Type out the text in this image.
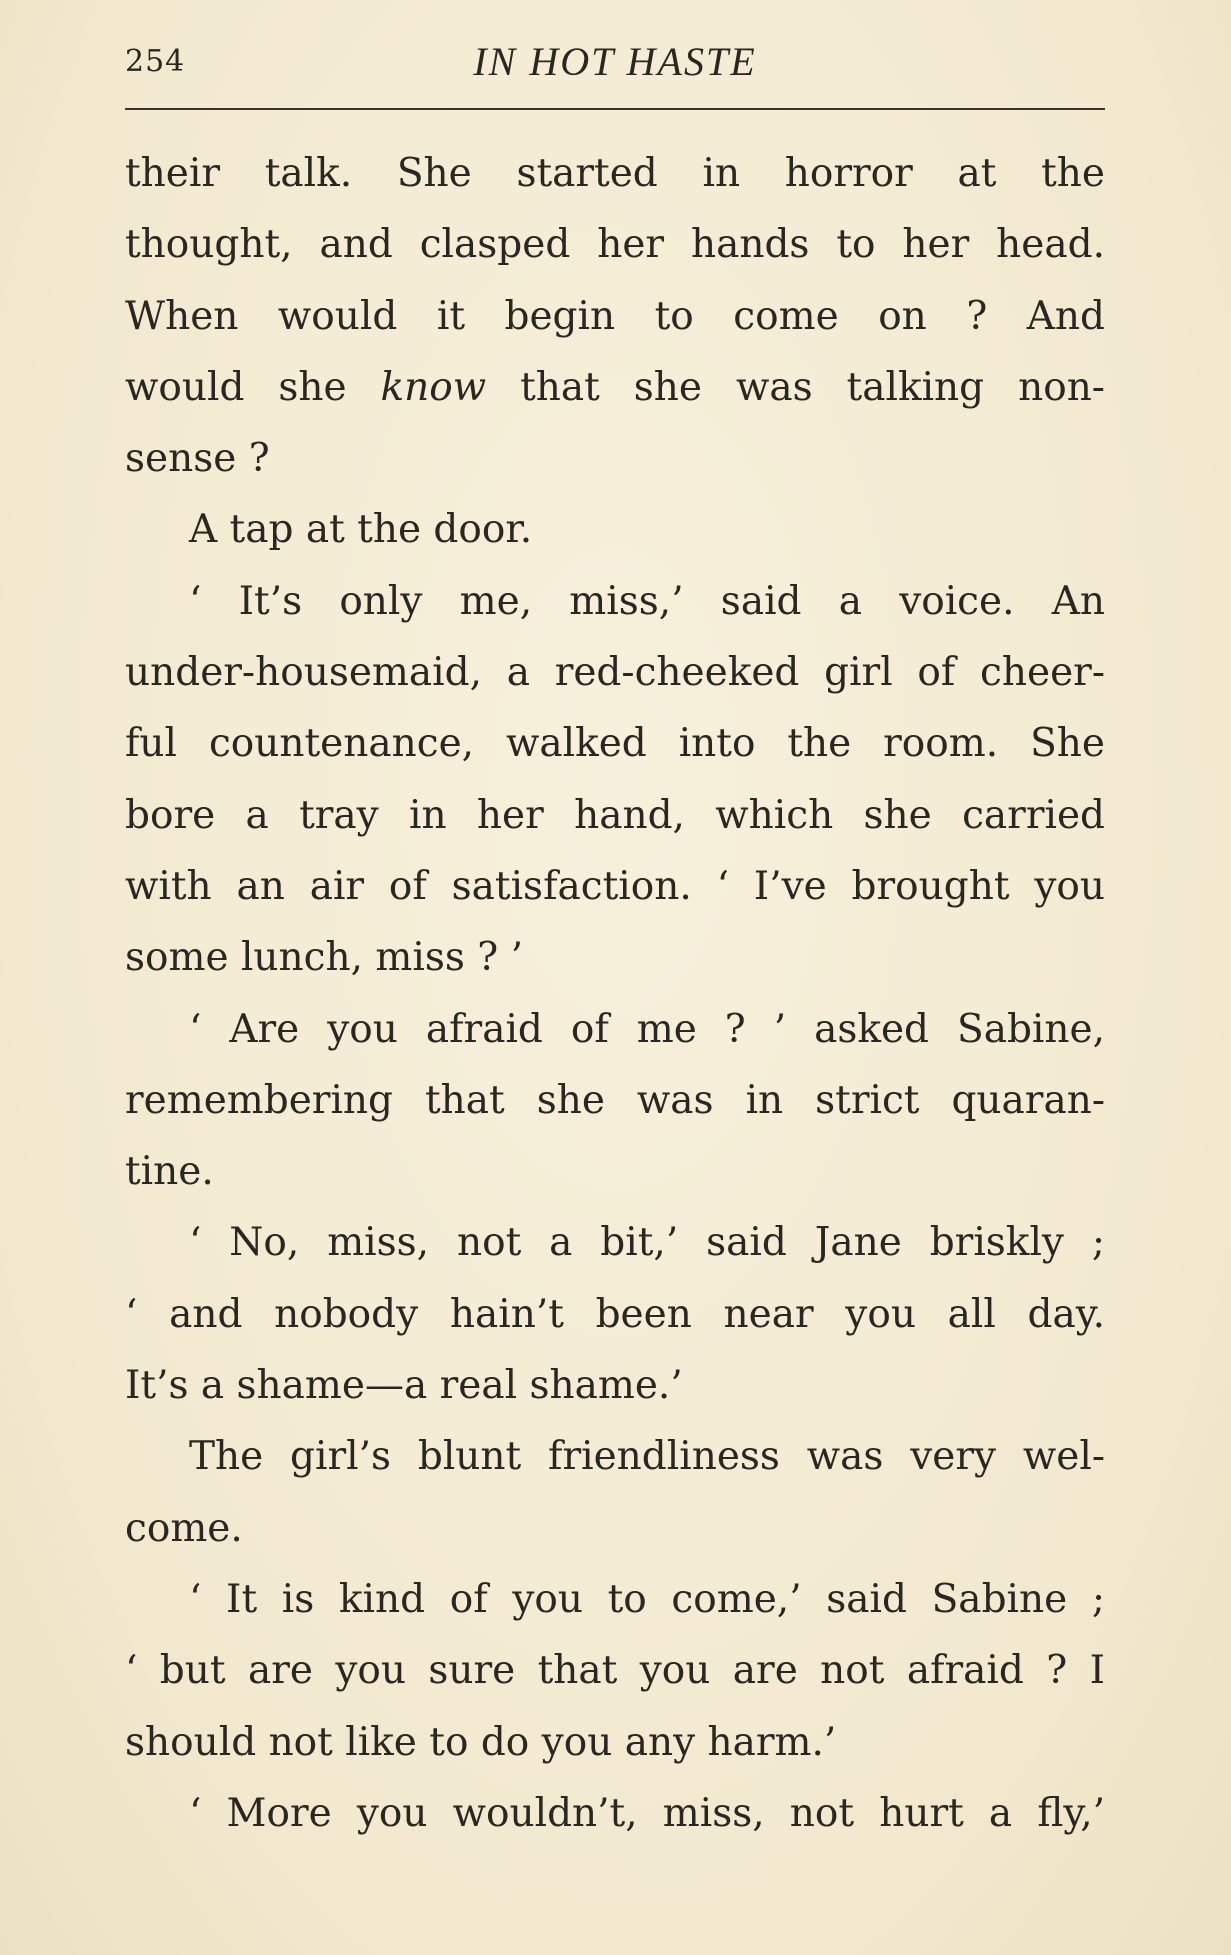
254	IN HOT HASTE
their talk. She started in horror at the
thought, and clasped her hands to her head.
When would it begin to come on ? And
would she know that she was talking non-
sense ?
A tap at the door.
‘ It’s only me, miss,’ said a voice. An
under-housemaid, a red-cheeked girl of cheer-
ful countenance, walked into the room. She
bore a tray in her hand, which she carried
with an air of satisfaction. ‘ I’ve brought you
some lunch, miss ? ’
‘ Are you afraid of me ? ’ asked Sabine,
remembering that she was in strict quaran-
tine.
‘ No, miss, not a bit,’ said Jane briskly ;
‘ and nobody hain’t been near you all day.
It’s a shame—a real shame.’
The girl’s blunt friendliness was very wel-
come.
‘ It is kind of you to come,’ said Sabine ;
‘ but are you sure that you are not afraid ? I
should not like to do you any harm.’
‘ More you wouldn’t, miss, not hurt a fly,’
